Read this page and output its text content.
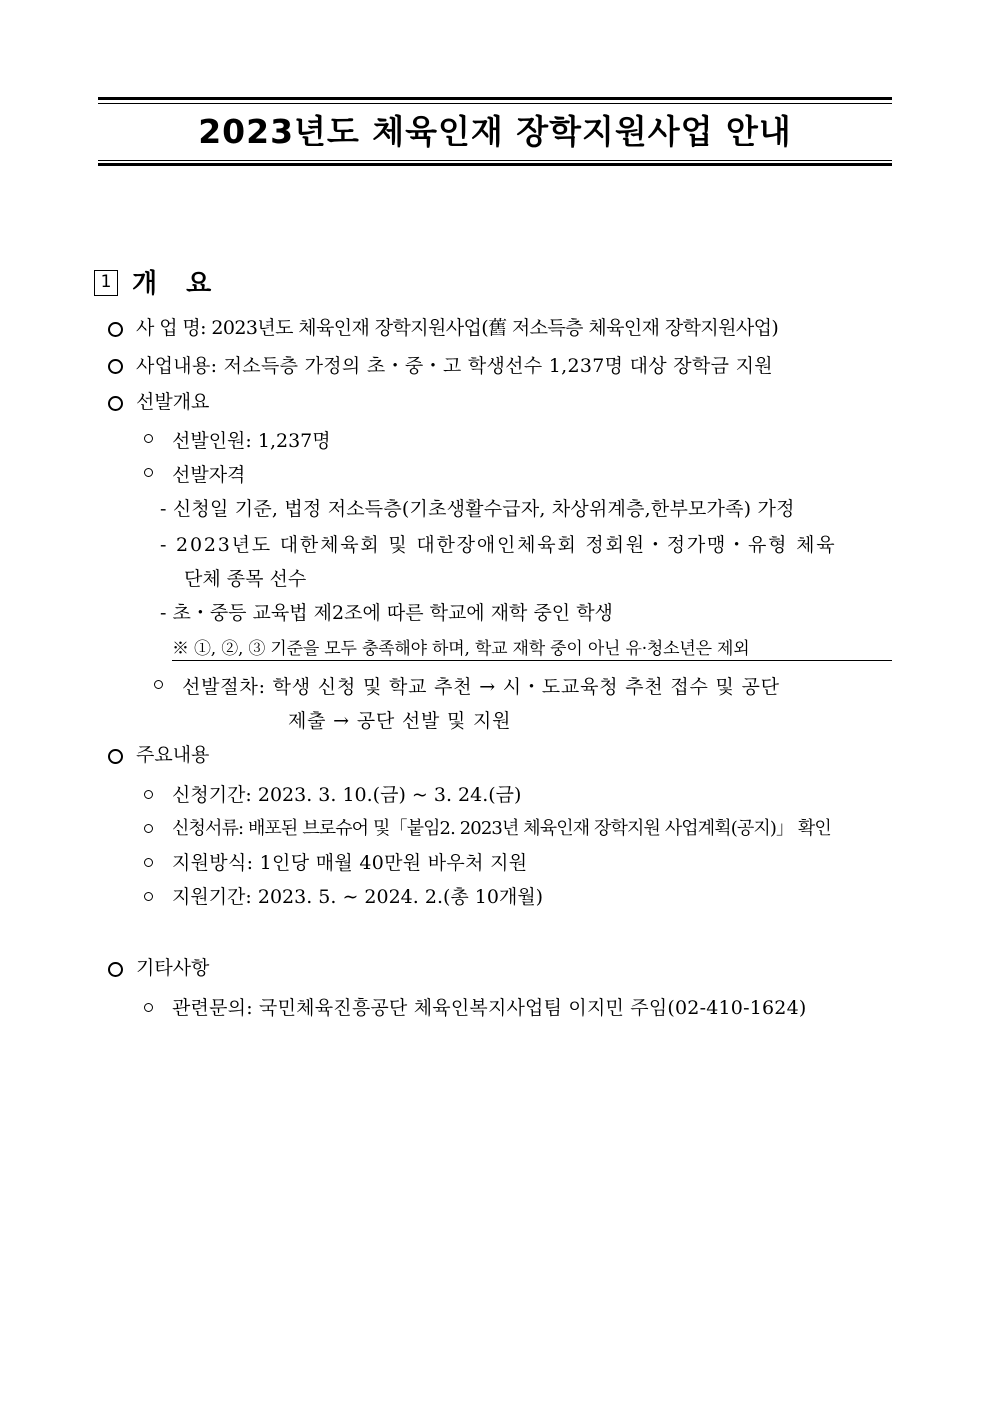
2023년도 체육인재 장학지원사업 안내
1 개 요
사 업 명: 2023년도 체육인재 장학지원사업(舊 저소득층 체육인재 장학지원사업)
사업내용: 저소득층 가정의 초・중・고 학생선수 1,237명 대상 장학금 지원
선발개요
선발인원: 1,237명
선발자격
- 신청일 기준, 법정 저소득층(기초생활수급자, 차상위계층,한부모가족) 가정
- 2023년도 대한체육회 및 대한장애인체육회 정회원・정가맹・유형 체육
단체 종목 선수
- 초・중등 교육법 제2조에 따른 학교에 재학 중인 학생
※ ①, ②, ③ 기준을 모두 충족해야 하며, 학교 재학 중이 아닌 유·청소년은 제외
선발절차: 학생 신청 및 학교 추천 → 시・도교육청 추천 접수 및 공단
제출 → 공단 선발 및 지원
주요내용
신청기간: 2023. 3. 10.(금) ~ 3. 24.(금)
신청서류: 배포된 브로슈어 및「붙임2. 2023년 체육인재 장학지원 사업계획(공지)」 확인
지원방식: 1인당 매월 40만원 바우처 지원
지원기간: 2023. 5. ∼ 2024. 2.(총 10개월)
기타사항
관련문의: 국민체육진흥공단 체육인복지사업팀 이지민 주임(02-410-1624)
